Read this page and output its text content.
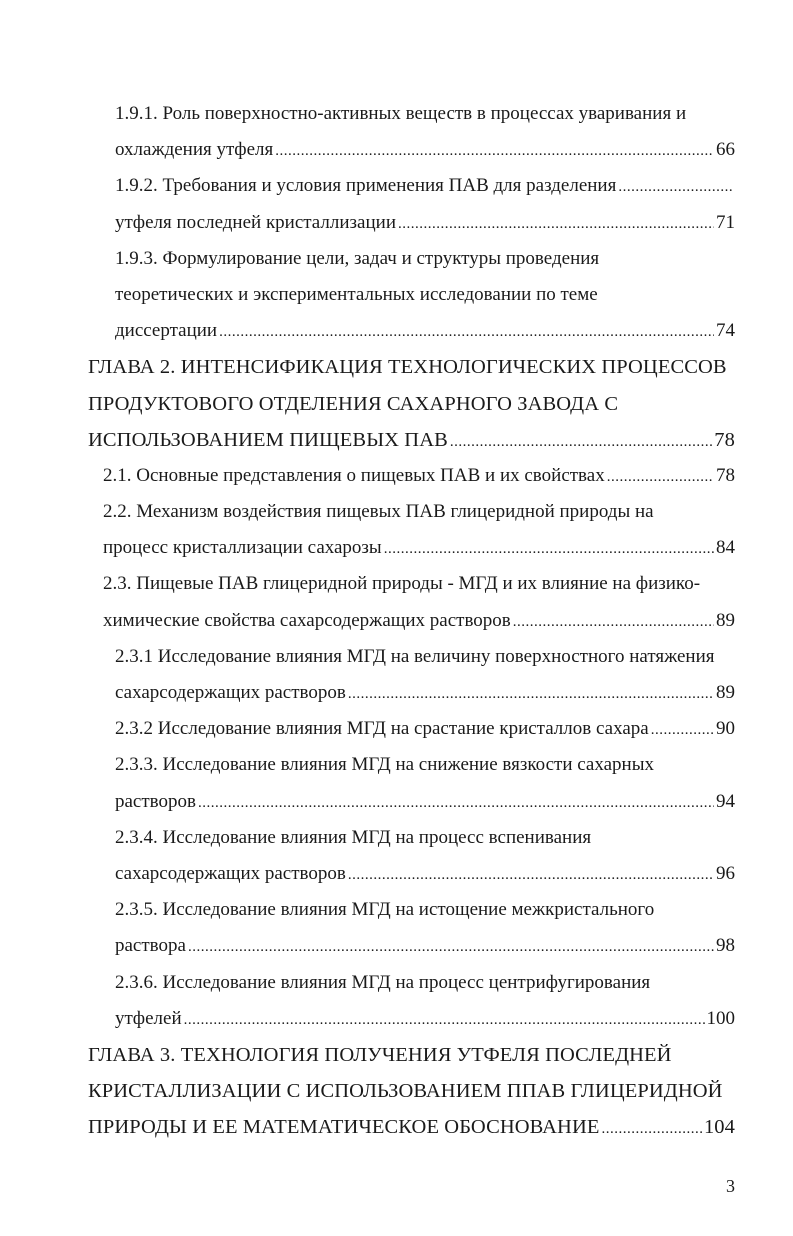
1.9.1. Роль поверхностно-активных веществ в процессах уваривания и
охлаждения утфеля .....	66
1.9.2. Требования и условия применения ПАВ для разделения
.....
утфеля последней кристаллизации .....	71
1.9.3. Формулирование цели, задач и структуры проведения
теоретических и экспериментальных исследовании по теме
диссертации .....	74
ГЛАВА 2. ИНТЕНСИФИКАЦИЯ ТЕХНОЛОГИЧЕСКИХ ПРОЦЕССОВ
ПРОДУКТОВОГО ОТДЕЛЕНИЯ САХАРНОГО ЗАВОДА С
ИСПОЛЬЗОВАНИЕМ ПИЩЕВЫХ ПАВ .....	78
2.1. Основные представления о пищевых ПАВ и их свойствах .....	78
2.2. Механизм воздействия пищевых ПАВ глицеридной природы на
процесс кристаллизации сахарозы .....	84
2.3. Пищевые ПАВ глицеридной природы - МГД и их влияние на физико-
химические свойства сахарсодержащих растворов .....	89
2.3.1 Исследование влияния МГД на величину поверхностного натяжения
сахарсодержащих растворов .....	89
2.3.2 Исследование влияния МГД на срастание кристаллов сахара .....	90
2.3.3. Исследование влияния МГД на снижение вязкости сахарных
растворов .....	94
2.3.4. Исследование влияния МГД на процесс вспенивания
сахарсодержащих растворов .....	96
2.3.5. Исследование влияния МГД на истощение межкристального
раствора .....	98
2.3.6. Исследование влияния МГД на процесс центрифугирования
утфелей .....	100
ГЛАВА 3. ТЕХНОЛОГИЯ ПОЛУЧЕНИЯ УТФЕЛЯ ПОСЛЕДНЕЙ
КРИСТАЛЛИЗАЦИИ С ИСПОЛЬЗОВАНИЕМ ППАВ ГЛИЦЕРИДНОЙ
ПРИРОДЫ И ЕЕ МАТЕМАТИЧЕСКОЕ ОБОСНОВАНИЕ .....	104
3
